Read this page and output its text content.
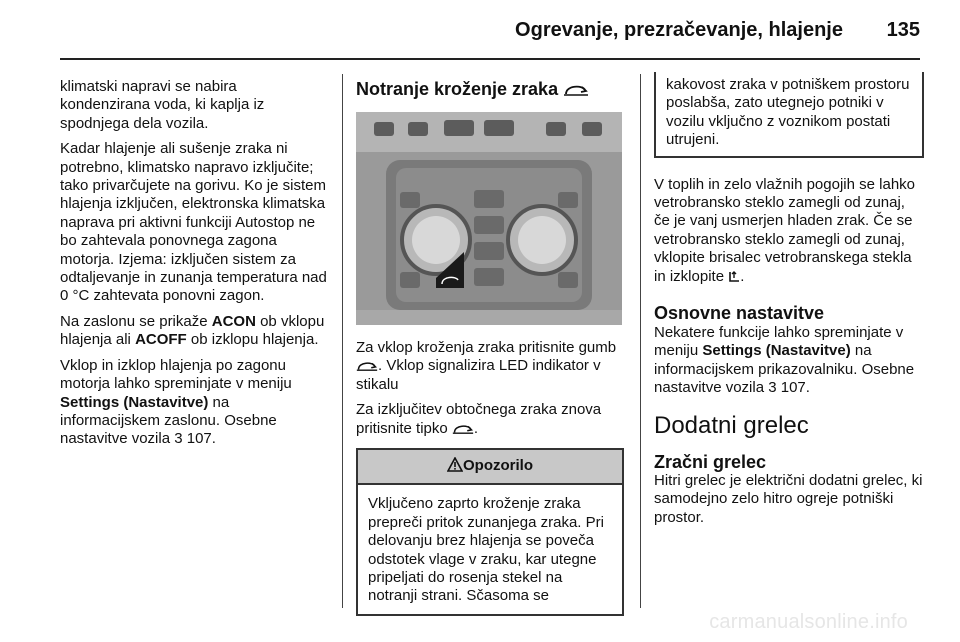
Ogrevanje, prezračevanje, hlajenje 135

klimatski napravi se nabira kondenzirana voda, ki kaplja iz spodnjega dela vozila.

Kadar hlajenje ali sušenje zraka ni potrebno, klimatsko napravo izključite; tako privarčujete na gorivu. Ko je sistem hlajenja izključen, elektronska klimatska naprava pri aktivni funkciji Autostop ne bo zahtevala ponovnega zagona motorja. Izjema: izključen sistem za odtaljevanje in zunanja temperatura nad 0 °C zahtevata ponovni zagon.

Na zaslonu se prikaže ACON ob vklopu hlajenja ali ACOFF ob izklopu hlajenja.

Vklop in izklop hlajenja po zagonu motorja lahko spreminjate v meniju Settings (Nastavitve) na informacijskem zaslonu. Osebne nastavitve vozila 3 107.

Notranje kroženje zraka

Za vklop kroženja zraka pritisnite gumb . Vklop signalizira LED indikator v stikalu

Za izključitev obtočnega zraka znova pritisnite tipko .

Opozorilo
Vključeno zaprto kroženje zraka prepreči pritok zunanjega zraka. Pri delovanju brez hlajenja se poveča odstotek vlage v zraku, kar utegne pripeljati do rosenja stekel na notranji strani. Sčasoma se
kakovost zraka v potniškem prostoru poslabša, zato utegnejo potniki v vozilu vključno z voznikom postati utrujeni.

V toplih in zelo vlažnih pogojih se lahko vetrobransko steklo zamegli od zunaj, če je vanj usmerjen hladen zrak. Če se vetrobransko steklo zamegli od zunaj, vklopite brisalec vetrobranskega stekla in izklopite .

Osnovne nastavitve

Nekatere funkcije lahko spreminjate v meniju Settings (Nastavitve) na informacijskem prikazovalniku. Osebne nastavitve vozila 3 107.

Dodatni grelec
Zračni grelec

Hitri grelec je električni dodatni grelec, ki samodejno zelo hitro ogreje potniški prostor.

carmanualsonline.info
